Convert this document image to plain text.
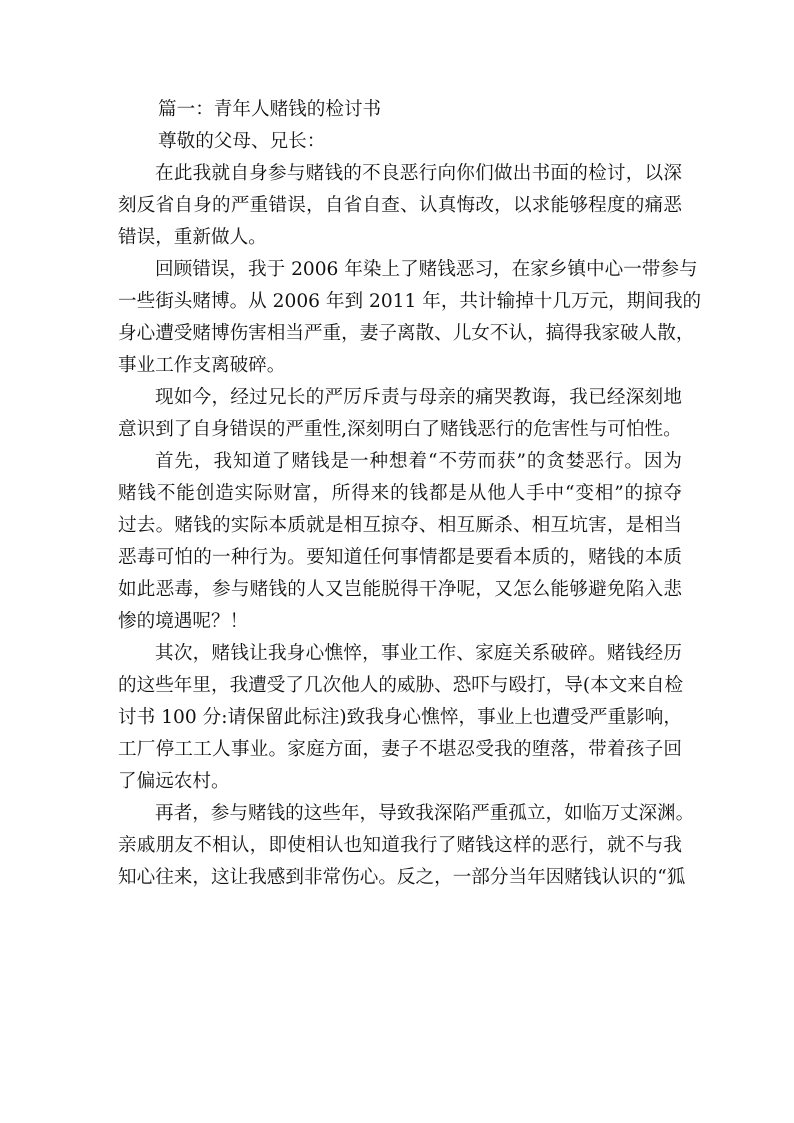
篇一：青年人赌钱的检讨书
尊敬的父母、兄长：
在此我就自身参与赌钱的不良恶行向你们做出书面的检讨，以深
刻反省自身的严重错误，自省自查、认真悔改，以求能够程度的痛恶
错误，重新做人。
回顾错误，我于 2006 年染上了赌钱恶习，在家乡镇中心一带参与
一些街头赌博。从 2006 年到 2011 年，共计输掉十几万元，期间我的
身心遭受赌博伤害相当严重，妻子离散、儿女不认，搞得我家破人散，
事业工作支离破碎。
现如今，经过兄长的严厉斥责与母亲的痛哭教诲，我已经深刻地
意识到了自身错误的严重性,深刻明白了赌钱恶行的危害性与可怕性。
首先，我知道了赌钱是一种想着“不劳而获”的贪婪恶行。因为
赌钱不能创造实际财富，所得来的钱都是从他人手中“变相”的掠夺
过去。赌钱的实际本质就是相互掠夺、相互厮杀、相互坑害，是相当
恶毒可怕的一种行为。要知道任何事情都是要看本质的，赌钱的本质
如此恶毒，参与赌钱的人又岂能脱得干净呢，又怎么能够避免陷入悲
惨的境遇呢？！
其次，赌钱让我身心憔悴，事业工作、家庭关系破碎。赌钱经历
的这些年里，我遭受了几次他人的威胁、恐吓与殴打，导(本文来自检
讨书 100 分:请保留此标注)致我身心憔悴，事业上也遭受严重影响，
工厂停工工人事业。家庭方面，妻子不堪忍受我的堕落，带着孩子回
了偏远农村。
再者，参与赌钱的这些年，导致我深陷严重孤立，如临万丈深渊。
亲戚朋友不相认，即使相认也知道我行了赌钱这样的恶行，就不与我
知心往来，这让我感到非常伤心。反之，一部分当年因赌钱认识的“狐
